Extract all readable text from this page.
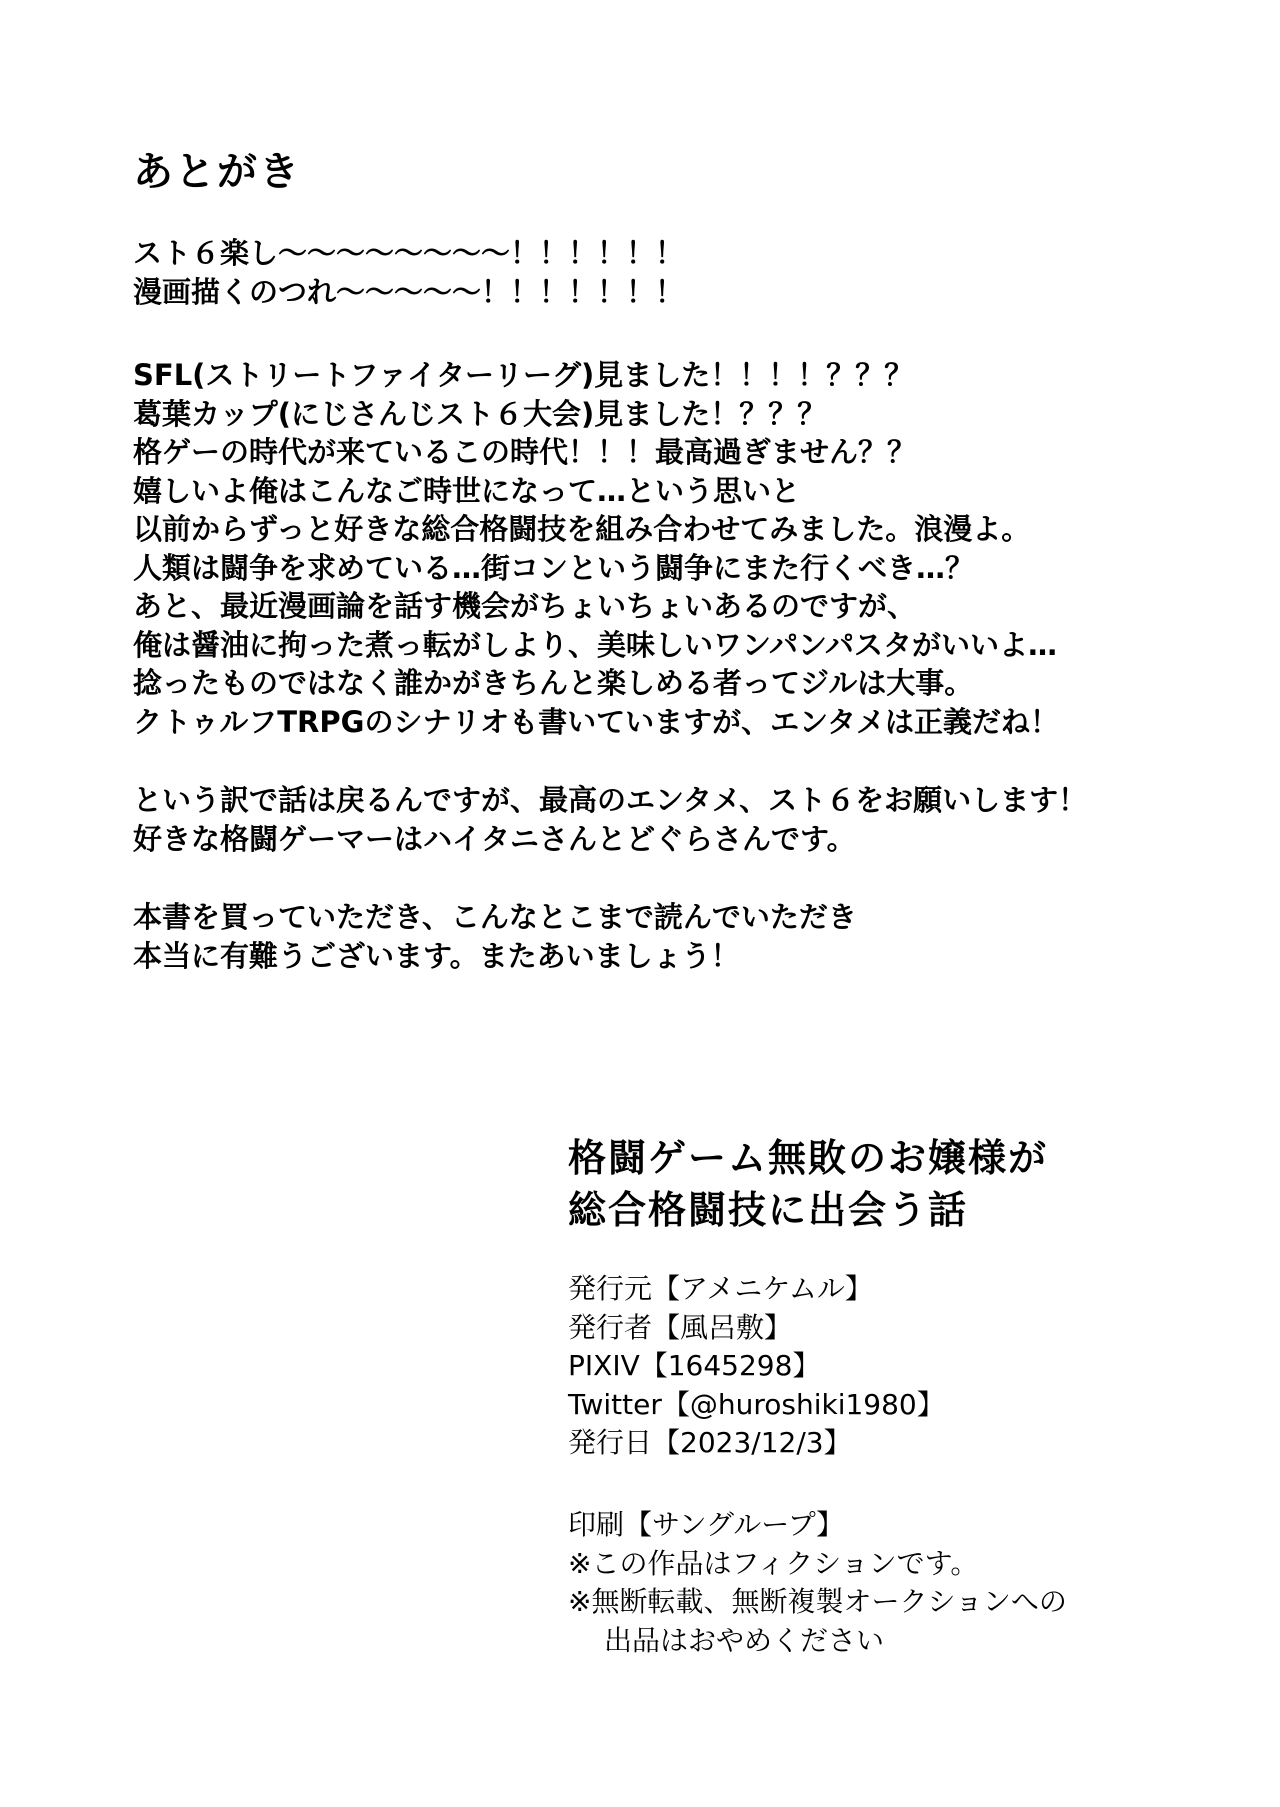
あとがき

スト６楽し〜〜〜〜〜〜〜〜！！！！！！

漫画描くのつれ〜〜〜〜〜！！！！！！！

SFL(ストリートファイターリーグ)見ました！！！！？？？

葛葉カップ(にじさんじスト６大会)見ました！？？？

格ゲーの時代が来ているこの時代！！！最高過ぎません？？

嬉しいよ俺はこんなご時世になって…という思いと

以前からずっと好きな総合格闘技を組み合わせてみました。浪漫よ。

人類は闘争を求めている…街コンという闘争にまた行くべき…？

あと、最近漫画論を話す機会がちょいちょいあるのですが、

俺は醤油に拘った煮っ転がしより、美味しいワンパンパスタがいいよ…

捻ったものではなく誰かがきちんと楽しめる者ってジルは大事。

クトゥルフTRPGのシナリオも書いていますが、エンタメは正義だね！

という訳で話は戻るんですが、最高のエンタメ、スト６をお願いします！

好きな格闘ゲーマーはハイタニさんとどぐらさんです。

本書を買っていただき、こんなとこまで読んでいただき

本当に有難うございます。またあいましょう！

格闘ゲーム無敗のお嬢様が

総合格闘技に出会う話

発行元【アメニケムル】

発行者【風呂敷】

PIXIV【1645298】

Twitter【@huroshiki1980】

発行日【2023/12/3】

印刷【サングループ】

※この作品はフィクションです。

※無断転載、無断複製オークションへの

出品はおやめください
